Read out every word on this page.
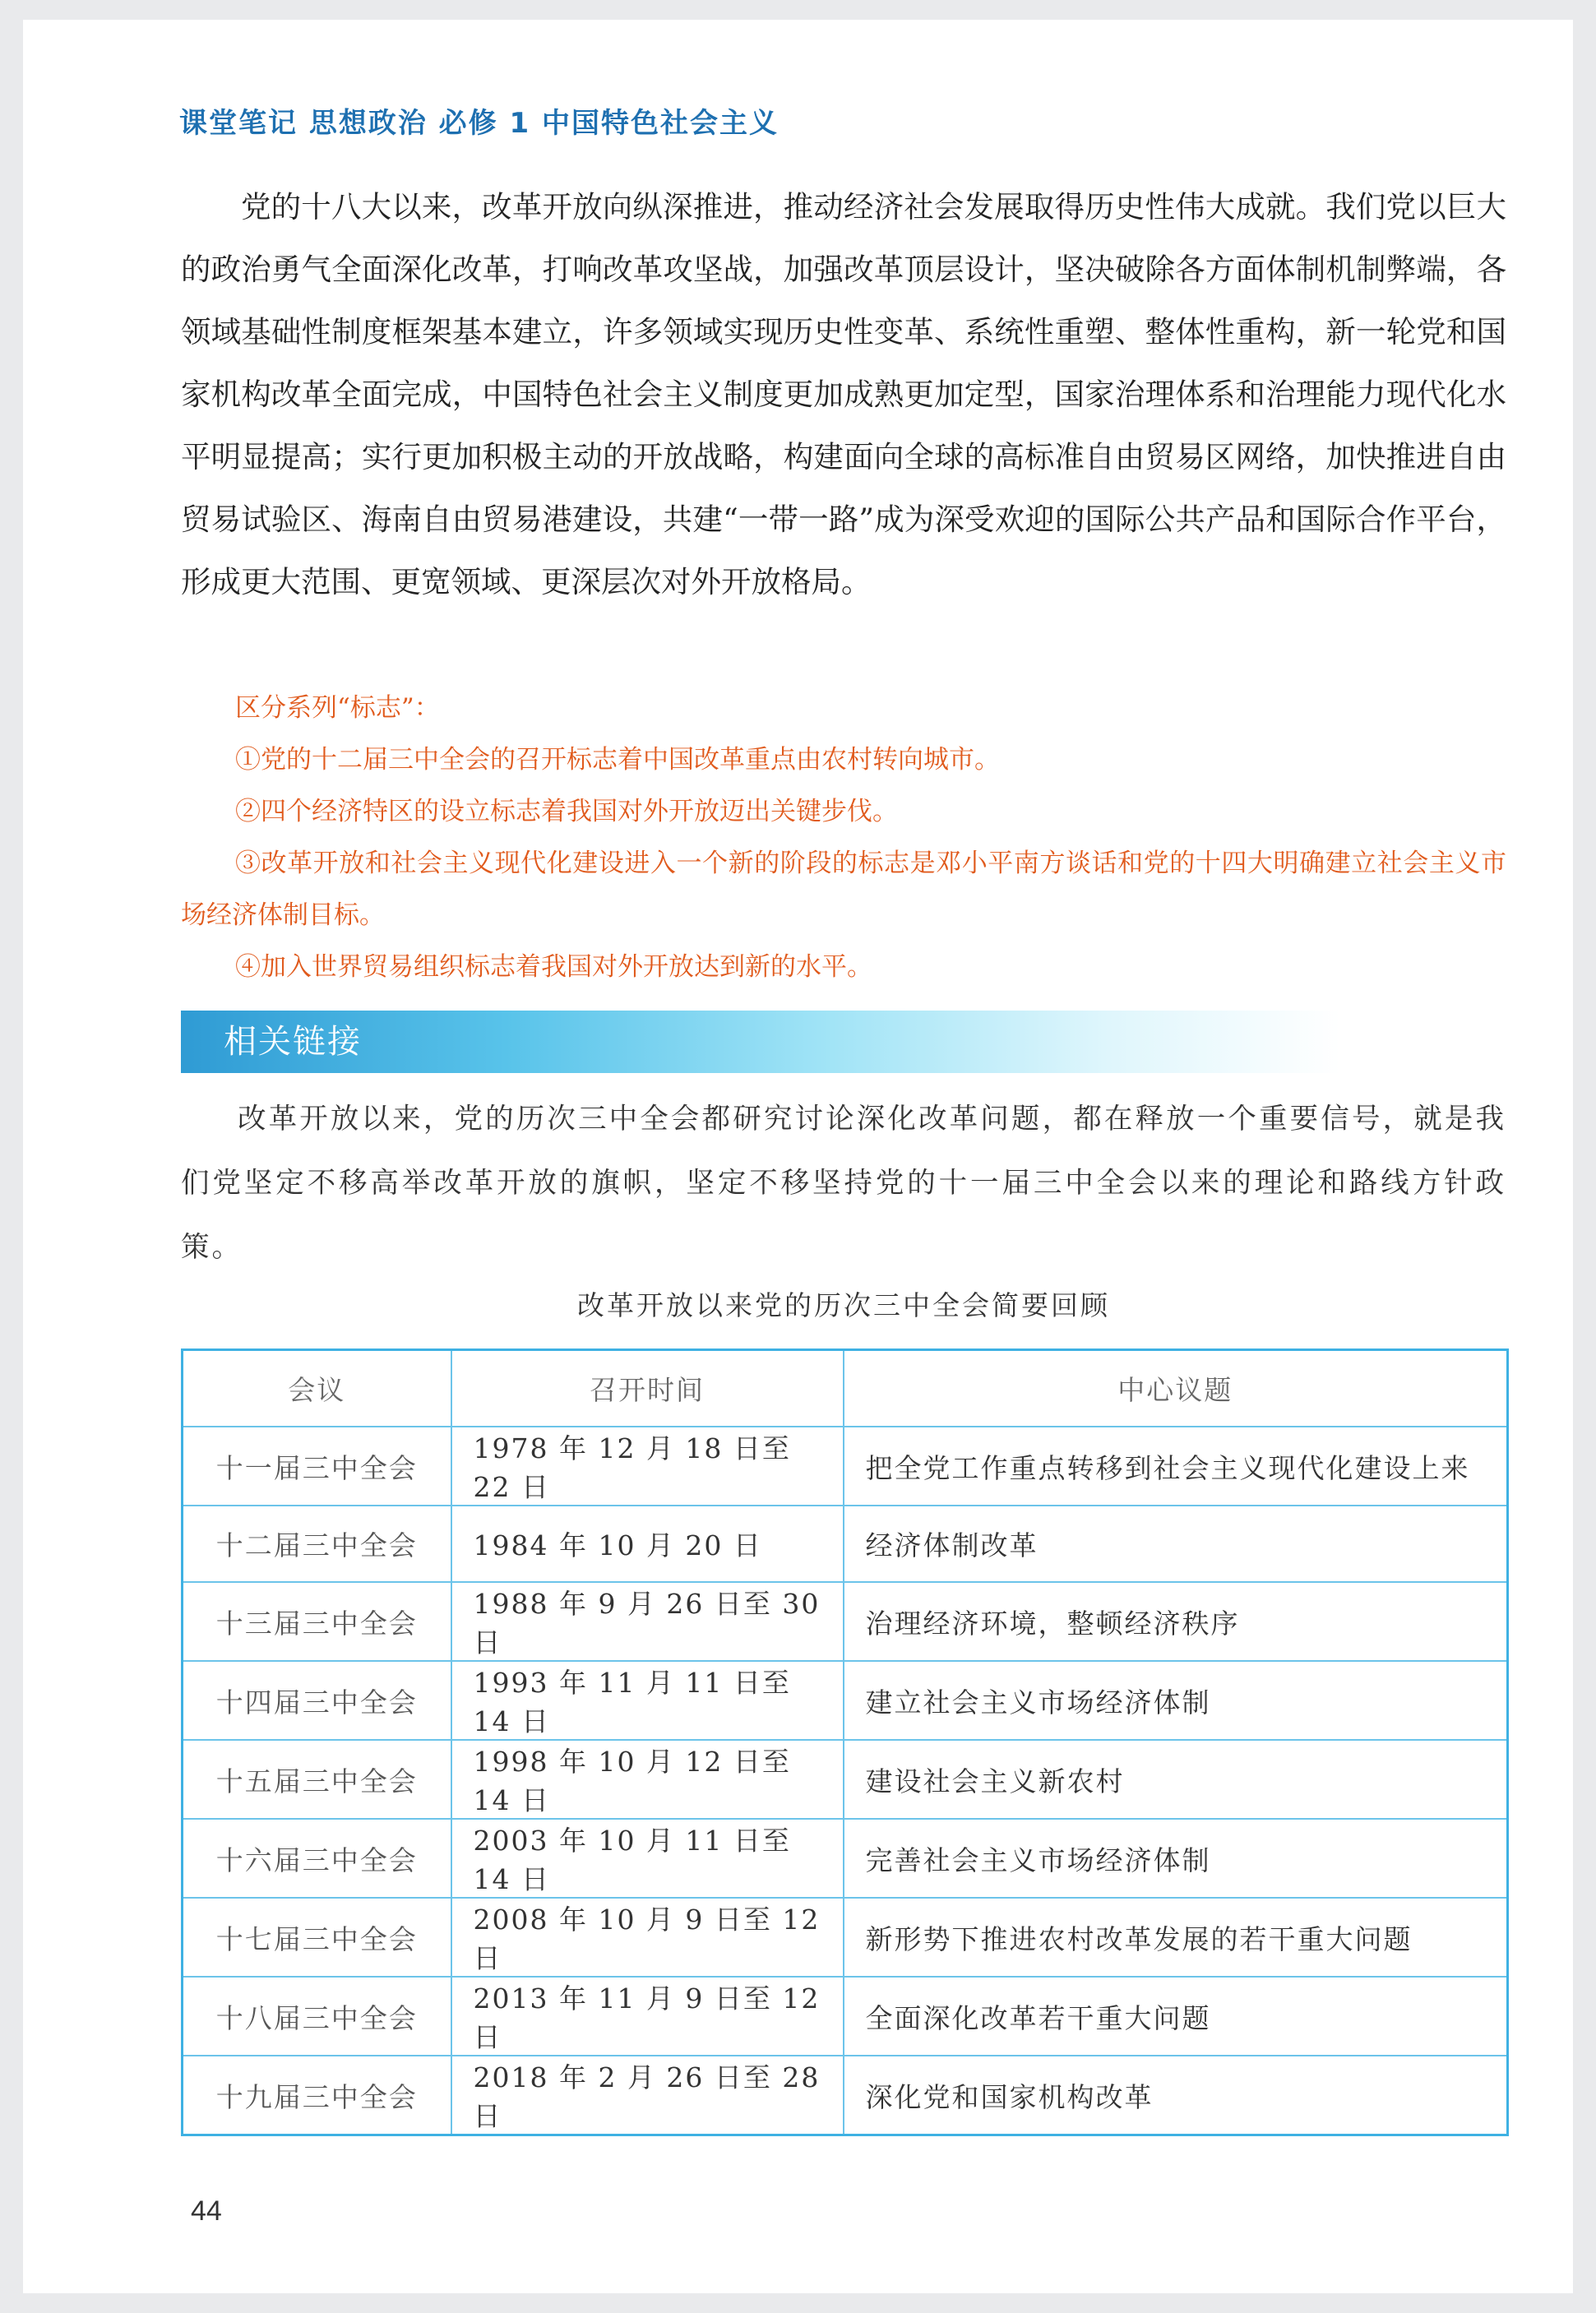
课堂笔记 思想政治 必修 1 中国特色社会主义

党的十八大以来，改革开放向纵深推进，推动经济社会发展取得历史性伟大成就。我们党以巨大的政治勇气全面深化改革，打响改革攻坚战，加强改革顶层设计，坚决破除各方面体制机制弊端，各领域基础性制度框架基本建立，许多领域实现历史性变革、系统性重塑、整体性重构，新一轮党和国家机构改革全面完成，中国特色社会主义制度更加成熟更加定型，国家治理体系和治理能力现代化水平明显提高；实行更加积极主动的开放战略，构建面向全球的高标准自由贸易区网络，加快推进自由贸易试验区、海南自由贸易港建设，共建“一带一路”成为深受欢迎的国际公共产品和国际合作平台，形成更大范围、更宽领域、更深层次对外开放格局。

区分系列“标志”：

①党的十二届三中全会的召开标志着中国改革重点由农村转向城市。

②四个经济特区的设立标志着我国对外开放迈出关键步伐。

③改革开放和社会主义现代化建设进入一个新的阶段的标志是邓小平南方谈话和党的十四大明确建立社会主义市场经济体制目标。

④加入世界贸易组织标志着我国对外开放达到新的水平。

相关链接

改革开放以来，党的历次三中全会都研究讨论深化改革问题，都在释放一个重要信号，就是我们党坚定不移高举改革开放的旗帜，坚定不移坚持党的十一届三中全会以来的理论和路线方针政策。

改革开放以来党的历次三中全会简要回顾
会议	召开时间	中心议题
十一届三中全会	1978 年 12 月 18 日至 22 日	把全党工作重点转移到社会主义现代化建设上来
十二届三中全会	1984 年 10 月 20 日	经济体制改革
十三届三中全会	1988 年 9 月 26 日至 30 日	治理经济环境，整顿经济秩序
十四届三中全会	1993 年 11 月 11 日至 14 日	建立社会主义市场经济体制
十五届三中全会	1998 年 10 月 12 日至 14 日	建设社会主义新农村
十六届三中全会	2003 年 10 月 11 日至 14 日	完善社会主义市场经济体制
十七届三中全会	2008 年 10 月 9 日至 12 日	新形势下推进农村改革发展的若干重大问题
十八届三中全会	2013 年 11 月 9 日至 12 日	全面深化改革若干重大问题
十九届三中全会	2018 年 2 月 26 日至 28 日	深化党和国家机构改革
44
